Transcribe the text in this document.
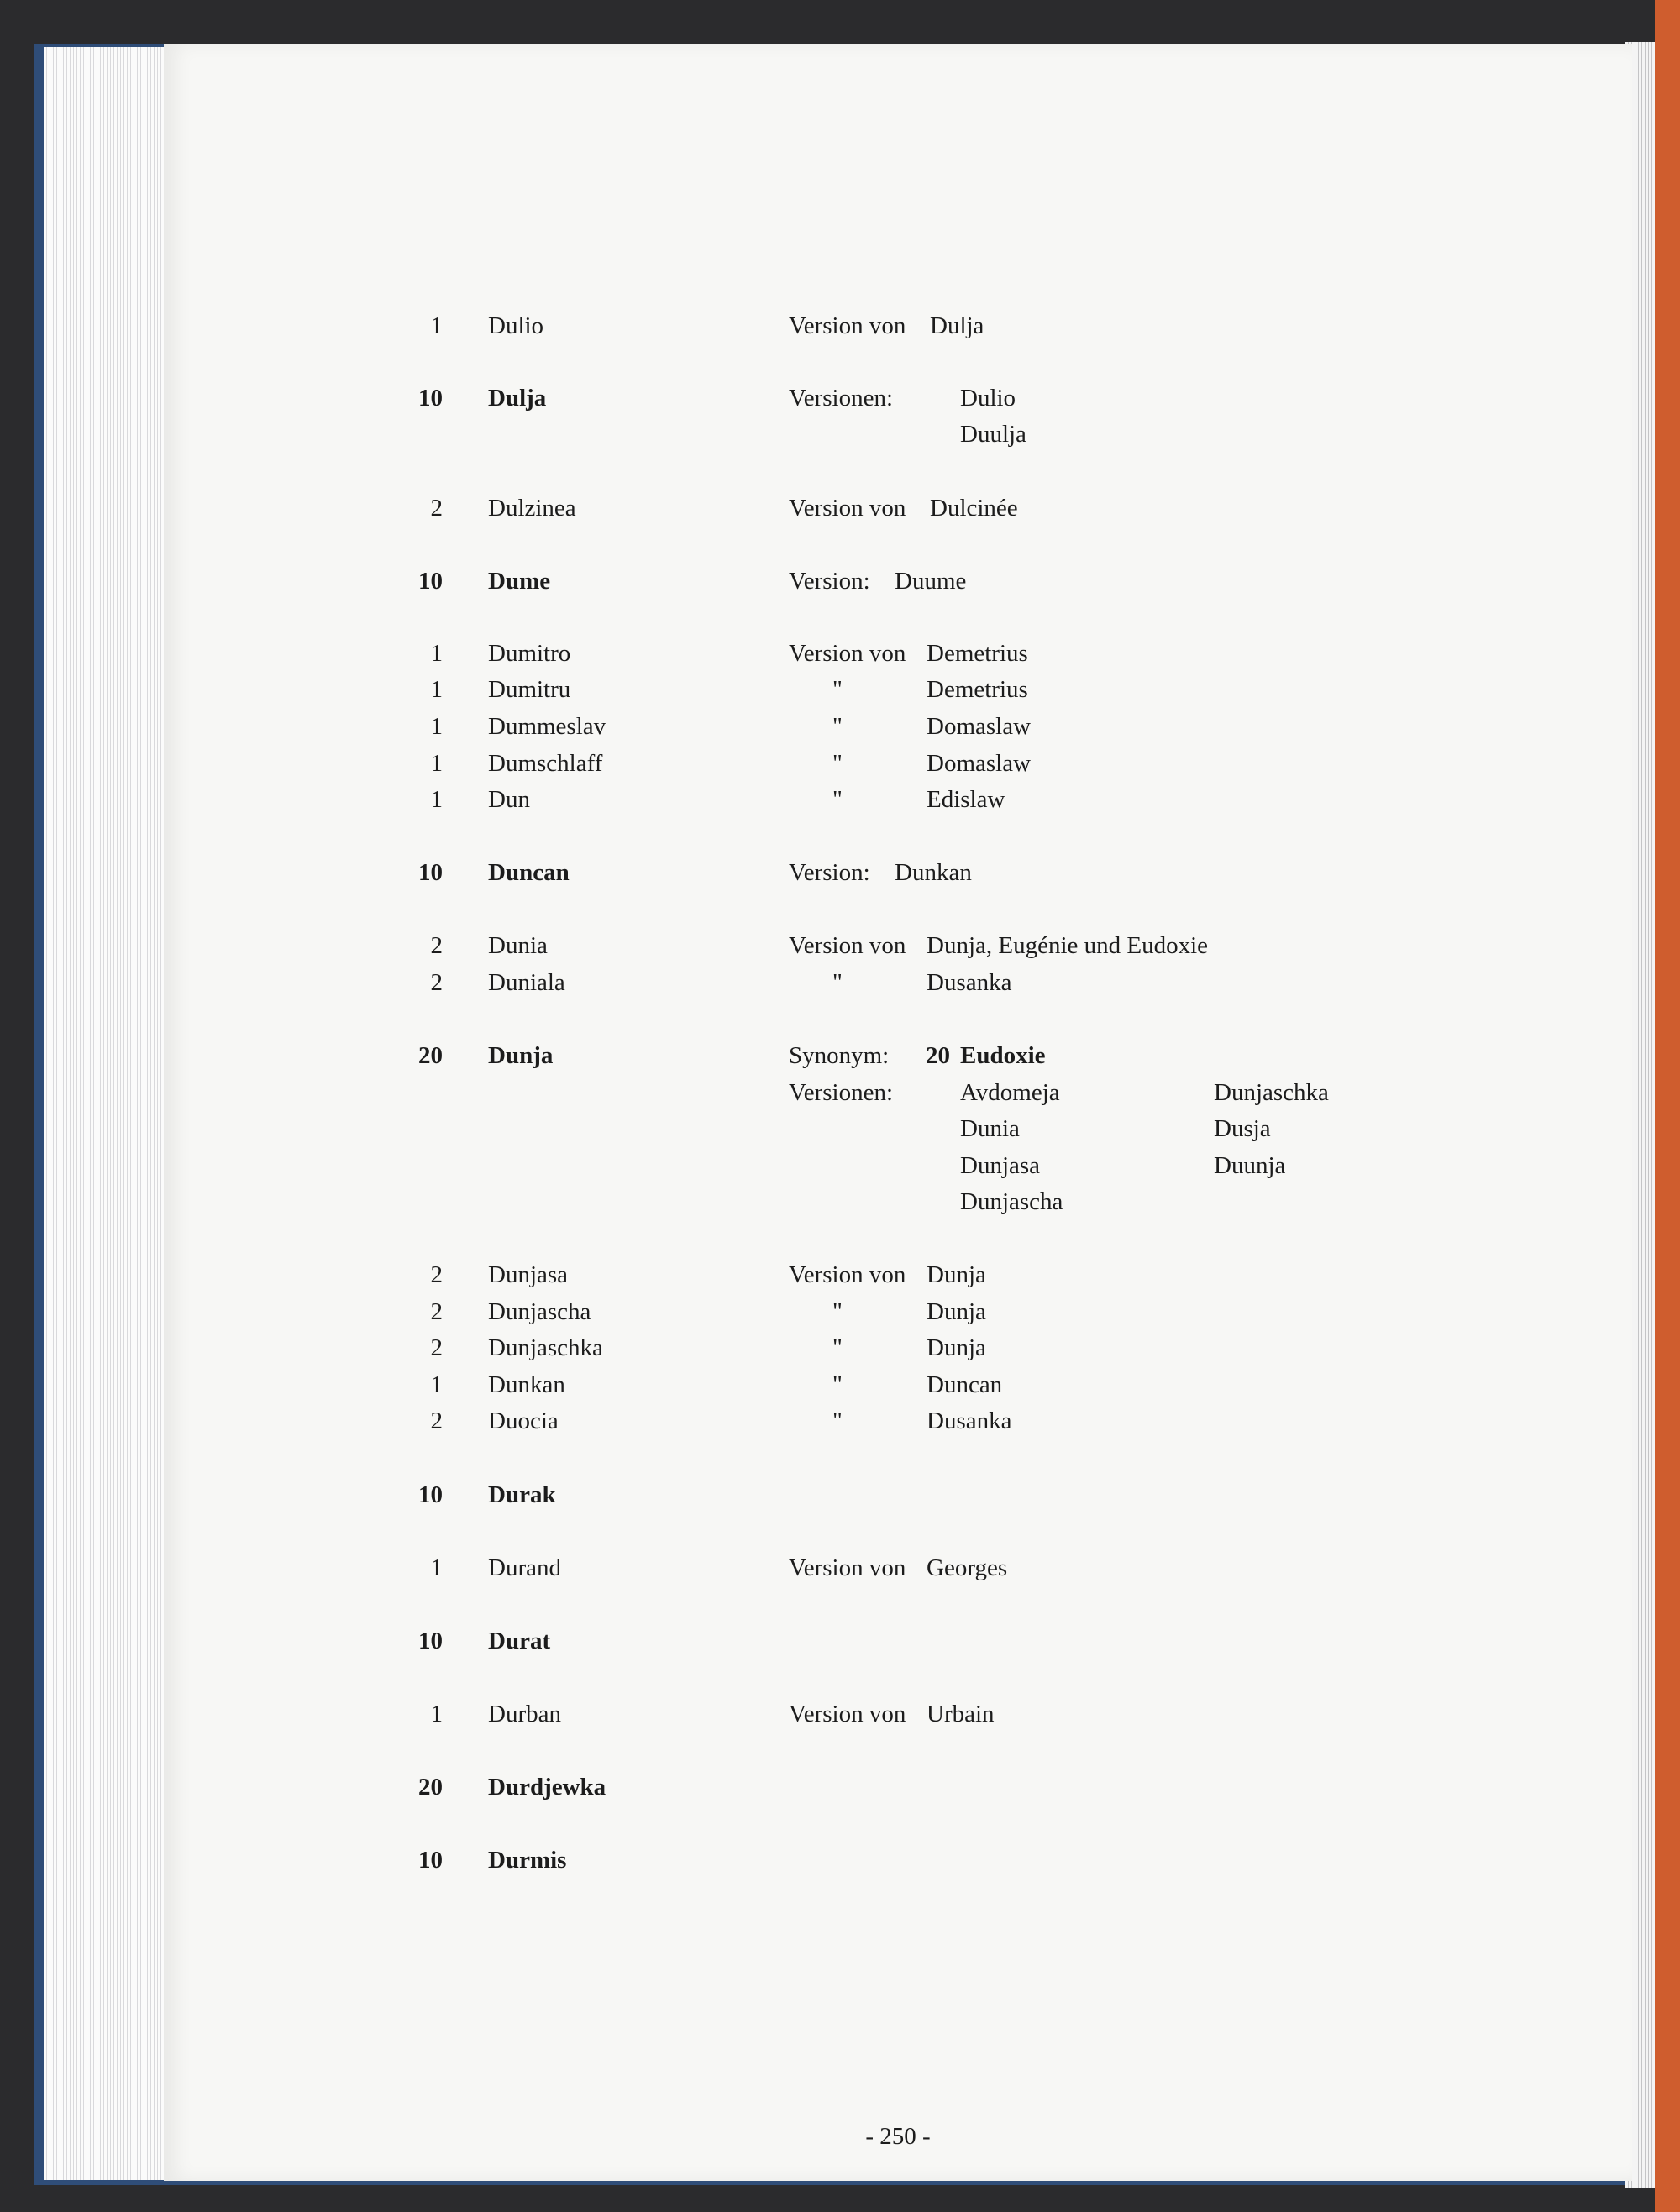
1 Dulio	Version von Dulja
10 Dulja	Versionen:	Dulio
Duulja
2 Dulzinea	Version von Dulcinée
10 Dume	Version: Duume
1 Dumitro	Version von Demetrius
1 Dumitru	"	Demetrius
1 Dummeslav	"	Domaslaw
1 Dumschlaff	"	Domaslaw
1 Dun	"	Edislaw
10 Duncan	Version: Dunkan
2 Dunia	Version von Dunja, Eugénie und Eudoxie
2 Duniala	"	Dusanka
20 Dunja	Synonym: 20 Eudoxie
Versionen:	Avdomeja	Dunjaschka
Dunia	Dusja
Dunjasa	Duunja
Dunjascha
2 Dunjasa	Version von Dunja
2 Dunjascha	"	Dunja
2 Dunjaschka	"	Dunja
1 Dunkan	"	Duncan
2 Duocia	"	Dusanka
10 Durak
1 Durand	Version von Georges
10 Durat
1 Durban	Version von Urbain
20 Durdjewka
10 Durmis
- 250 -
